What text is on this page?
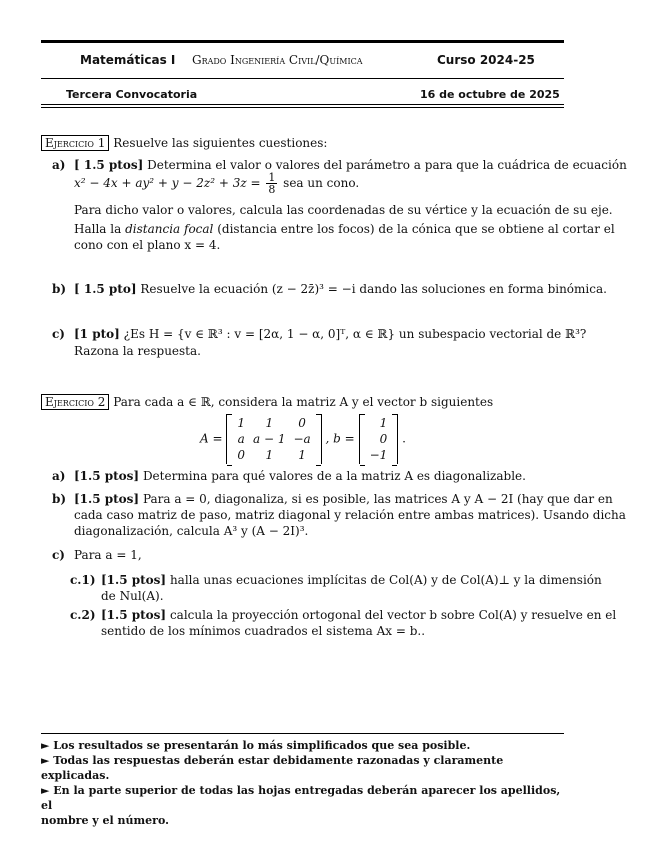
Matemáticas I Grado Ingeniería Civil/Química	Curso 2024-25
Tercera Convocatoria	16 de octubre de 2025
Ejercicio 1 Resuelve las siguientes cuestiones:
a) [ 1.5 ptos] Determina el valor o valores del parámetro a para que la cuádrica de ecuación
$x^2 - 4x + ay^2 + y - 2z^2 + 3z = \frac{1}{8}$ sea un cono.
Para dicho valor o valores, calcula las coordenadas de su vértice y la ecuación de su eje.
Halla la distancia focal (distancia entre los focos) de la cónica que se obtiene al cortar el
cono con el plano x = 4.
b) [ 1.5 pto] Resuelve la ecuación (z − 2z̄)³ = −i dando las soluciones en forma binómica.
c) [1 pto] ¿Es H = {v ∈ ℝ³ : v = [2α, 1 − α, 0]ᵀ, α ∈ ℝ} un subespacio vectorial de ℝ³?
Razona la respuesta.
Ejercicio 2 Para cada a ∈ ℝ, considera la matriz A y el vector b siguientes
A =
1	1	0
a	a − 1	−a
0	1	1
, b =
1
0
−1
.
a) [1.5 ptos] Determina para qué valores de a la matriz A es diagonalizable.
b) [1.5 ptos] Para a = 0, diagonaliza, si es posible, las matrices A y A − 2I (hay que dar en
cada caso matriz de paso, matriz diagonal y relación entre ambas matrices). Usando dicha
diagonalización, calcula A³ y (A − 2I)³.
c) Para a = 1,
c.1) [1.5 ptos] halla unas ecuaciones implícitas de Col(A) y de Col(A)⊥ y la dimensión
de Nul(A).
c.2) [1.5 ptos] calcula la proyección ortogonal del vector b sobre Col(A) y resuelve en el
sentido de los mínimos cuadrados el sistema Ax = b..

► Los resultados se presentarán lo más simplificados que sea posible.

► Todas las respuestas deberán estar debidamente razonadas y claramente explicadas.

► En la parte superior de todas las hojas entregadas deberán aparecer los apellidos, el

nombre y el número.
